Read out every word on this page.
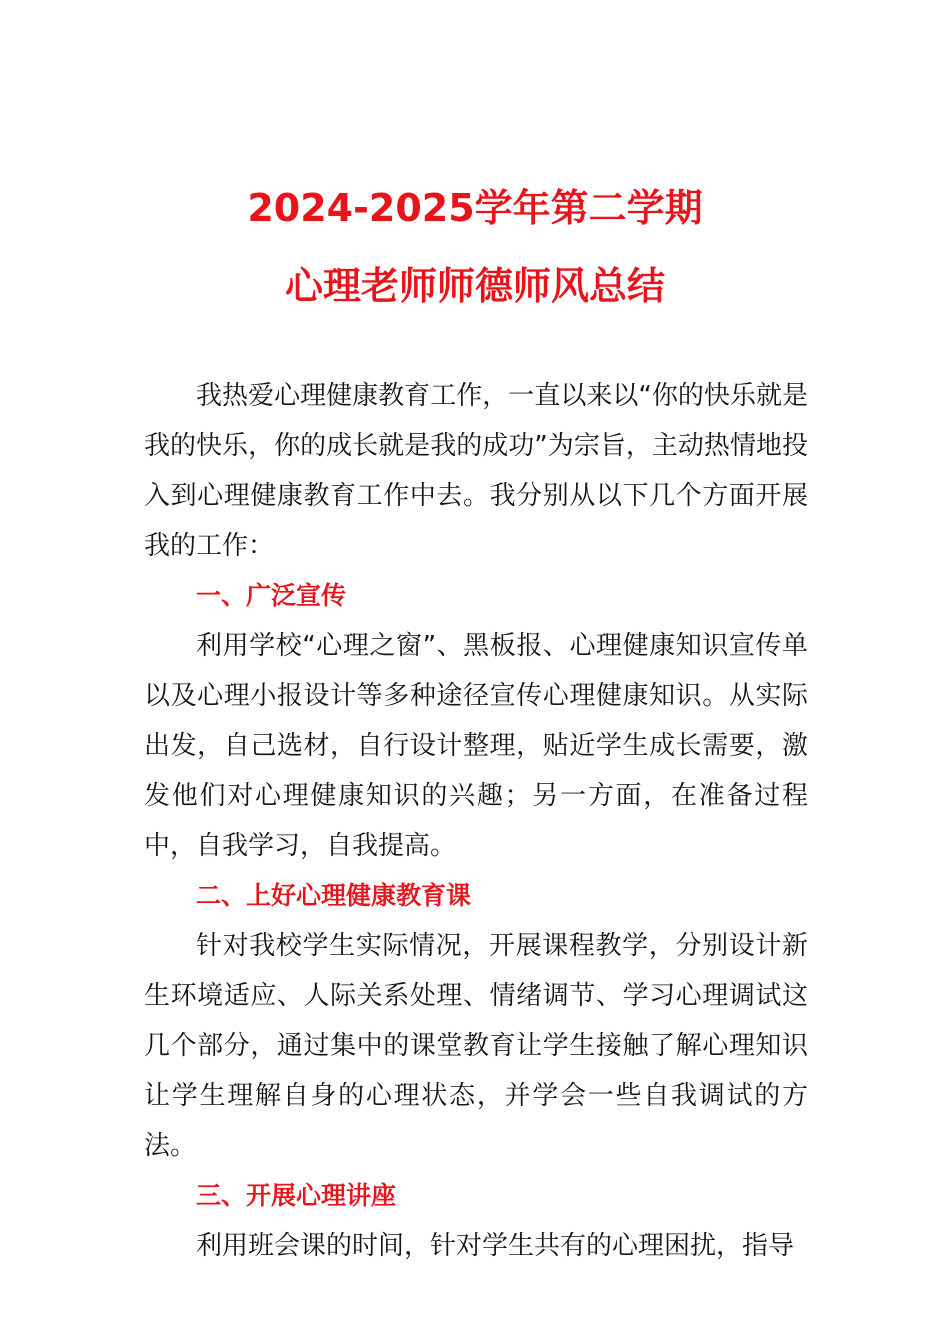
2024-2025学年第二学期
心理老师师德师风总结

我热爱心理健康教育工作，一直以来以“你的快乐就是我的快乐，你的成长就是我的成功”为宗旨，主动热情地投入到心理健康教育工作中去。我分别从以下几个方面开展我的工作：

一、广泛宣传

利用学校“心理之窗”、黑板报、心理健康知识宣传单以及心理小报设计等多种途径宣传心理健康知识。从实际出发，自己选材，自行设计整理，贴近学生成长需要，激发他们对心理健康知识的兴趣；另一方面，在准备过程中，自我学习，自我提高。

二、上好心理健康教育课

针对我校学生实际情况，开展课程教学，分别设计新生环境适应、人际关系处理、情绪调节、学习心理调试这几个部分，通过集中的课堂教育让学生接触了解心理知识让学生理解自身的心理状态，并学会一些自我调试的方法。

三、开展心理讲座

利用班会课的时间，针对学生共有的心理困扰，指导
